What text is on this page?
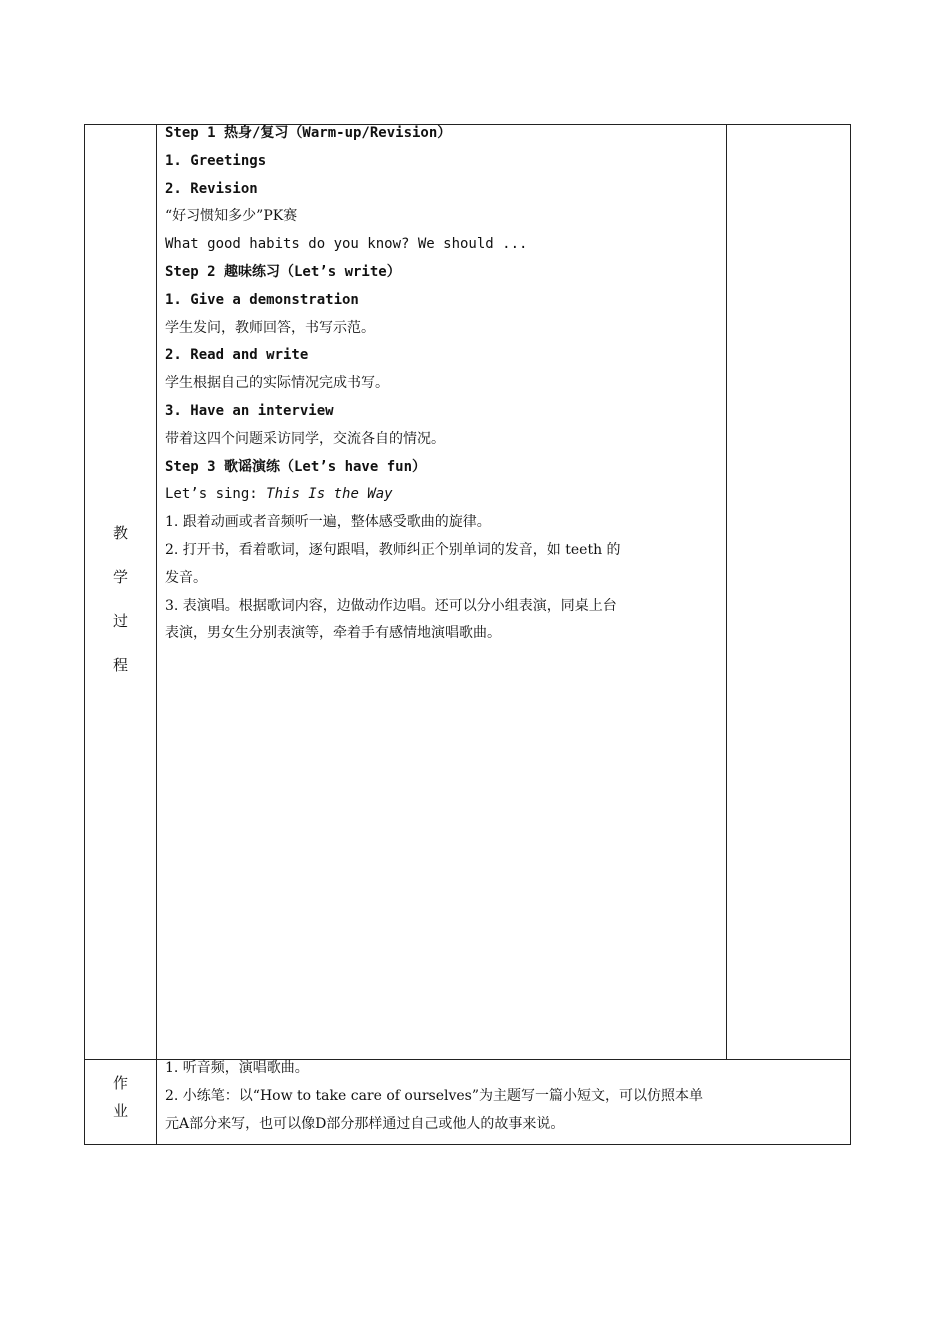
教
学
过
程

Step 1 热身/复习（Warm-up/Revision）

1. Greetings

2. Revision

“好习惯知多少”PK赛

What good habits do you know? We should ...

Step 2 趣味练习（Let’s write）

1. Give a demonstration

学生发问，教师回答，书写示范。

2. Read and write

学生根据自己的实际情况完成书写。

3. Have an interview

带着这四个问题采访同学，交流各自的情况。

Step 3 歌谣演练（Let’s have fun）

Let’s sing: This Is the Way

1. 跟着动画或者音频听一遍，整体感受歌曲的旋律。

2. 打开书，看着歌词，逐句跟唱，教师纠正个别单词的发音，如 teeth 的

发音。

3. 表演唱。根据歌词内容，边做动作边唱。还可以分小组表演，同桌上台

表演，男女生分别表演等，牵着手有感情地演唱歌曲。

作
业

1. 听音频，演唱歌曲。

2. 小练笔：以“How to take care of ourselves”为主题写一篇小短文，可以仿照本单

元A部分来写，也可以像D部分那样通过自己或他人的故事来说。
